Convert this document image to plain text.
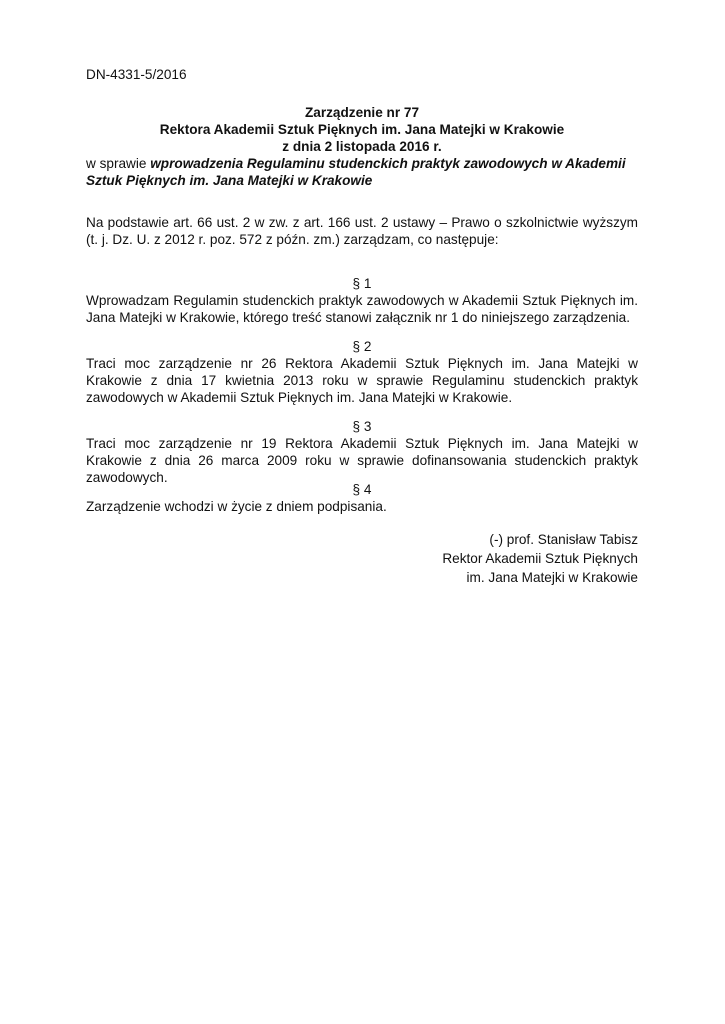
DN-4331-5/2016
Zarządzenie nr 77
Rektora Akademii Sztuk Pięknych im. Jana Matejki w Krakowie
z dnia 2 listopada 2016 r.
w sprawie wprowadzenia Regulaminu studenckich praktyk zawodowych w Akademii Sztuk Pięknych im. Jana Matejki w Krakowie
Na podstawie art. 66 ust. 2 w zw. z art. 166 ust. 2 ustawy – Prawo o szkolnictwie wyższym (t. j. Dz. U. z 2012 r. poz. 572 z późn. zm.) zarządzam, co następuje:
§ 1
Wprowadzam Regulamin studenckich praktyk zawodowych w Akademii Sztuk Pięknych im. Jana Matejki w Krakowie, którego treść stanowi załącznik nr 1 do niniejszego zarządzenia.
§ 2
Traci moc zarządzenie nr 26 Rektora Akademii Sztuk Pięknych im. Jana Matejki w Krakowie z dnia 17 kwietnia 2013 roku w sprawie Regulaminu studenckich praktyk zawodowych w Akademii Sztuk Pięknych im. Jana Matejki w Krakowie.
§ 3
Traci moc zarządzenie nr 19 Rektora Akademii Sztuk Pięknych im. Jana Matejki w Krakowie z dnia 26 marca 2009 roku w sprawie dofinansowania studenckich praktyk zawodowych.
§ 4
Zarządzenie wchodzi w życie z dniem podpisania.
(-) prof. Stanisław Tabisz
Rektor Akademii Sztuk Pięknych
im. Jana Matejki w Krakowie
